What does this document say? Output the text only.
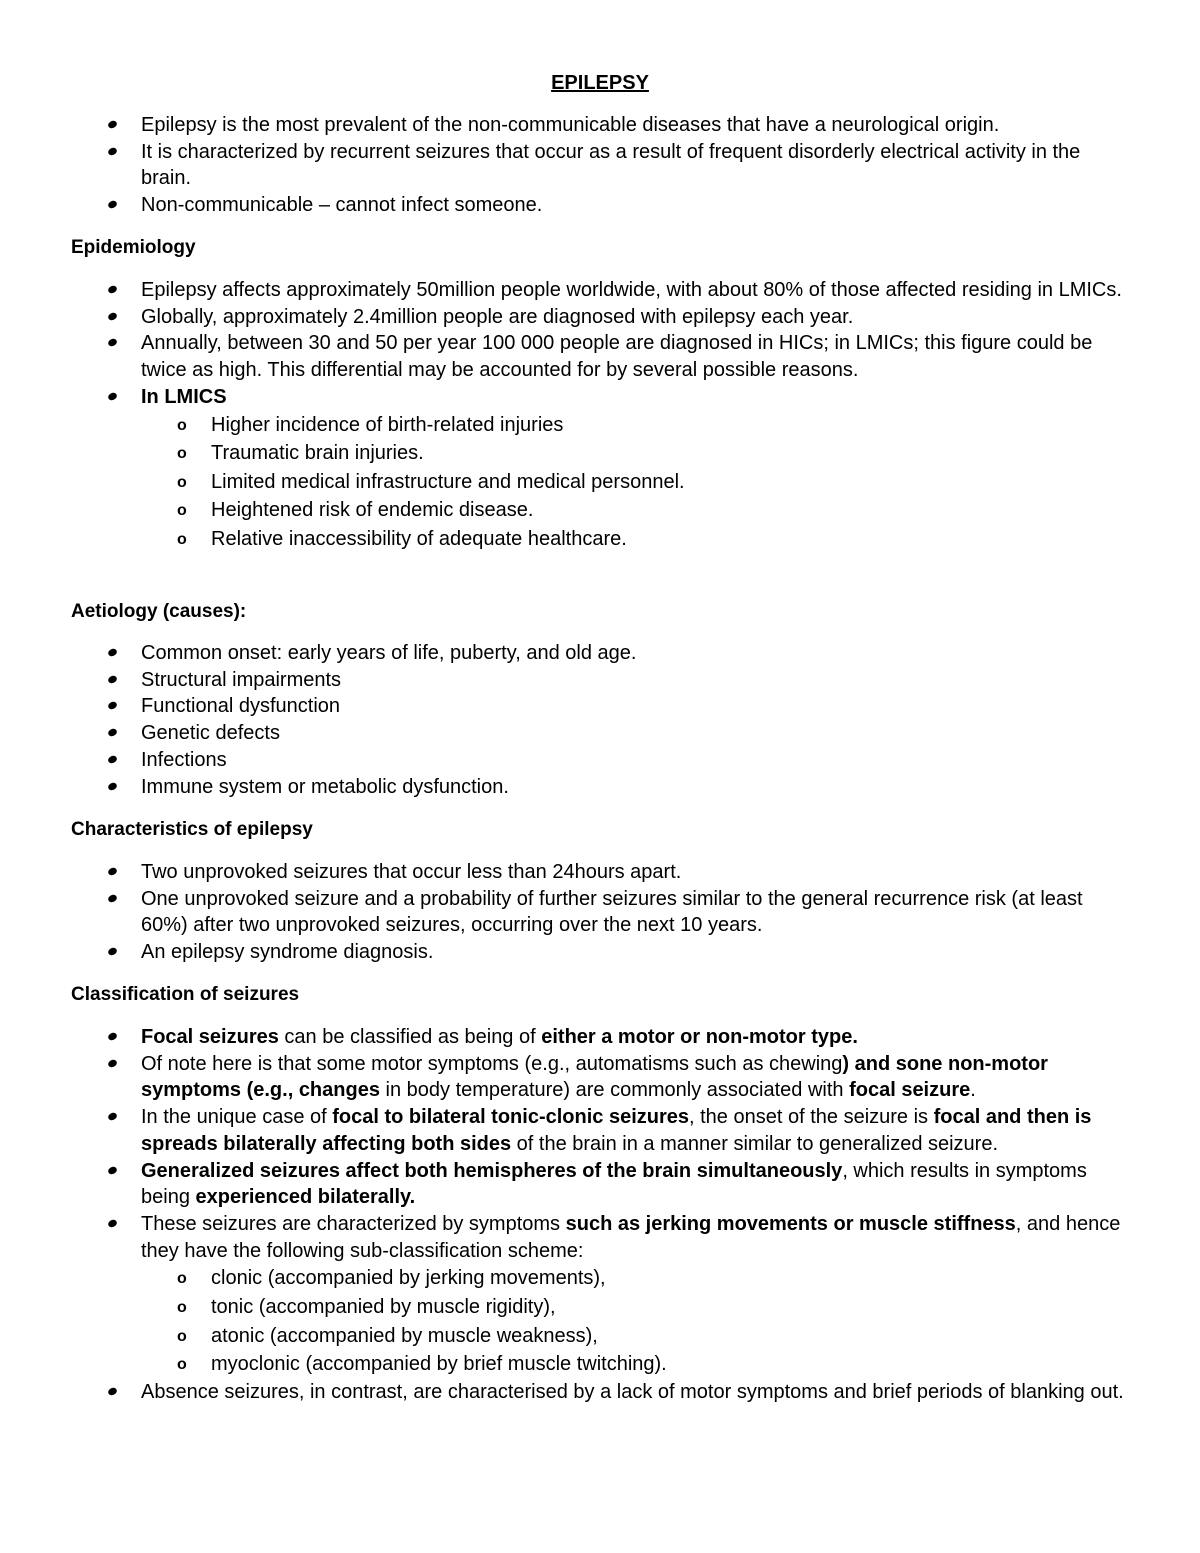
EPILEPSY
Epilepsy is the most prevalent of the non-communicable diseases that have a neurological origin.
It is characterized by recurrent seizures that occur as a result of frequent disorderly electrical activity in the brain.
Non-communicable – cannot infect someone.
Epidemiology
Epilepsy affects approximately 50million people worldwide, with about 80% of those affected residing in LMICs.
Globally, approximately 2.4million people are diagnosed with epilepsy each year.
Annually, between 30 and 50 per year 100 000 people are diagnosed in HICs; in LMICs; this figure could be twice as high. This differential may be accounted for by several possible reasons.
In LMICS
o Higher incidence of birth-related injuries
o Traumatic brain injuries.
o Limited medical infrastructure and medical personnel.
o Heightened risk of endemic disease.
o Relative inaccessibility of adequate healthcare.
Aetiology (causes):
Common onset: early years of life, puberty, and old age.
Structural impairments
Functional dysfunction
Genetic defects
Infections
Immune system or metabolic dysfunction.
Characteristics of epilepsy
Two unprovoked seizures that occur less than 24hours apart.
One unprovoked seizure and a probability of further seizures similar to the general recurrence risk (at least 60%) after two unprovoked seizures, occurring over the next 10 years.
An epilepsy syndrome diagnosis.
Classification of seizures
Focal seizures can be classified as being of either a motor or non-motor type.
Of note here is that some motor symptoms (e.g., automatisms such as chewing) and sone non-motor symptoms (e.g., changes in body temperature) are commonly associated with focal seizure.
In the unique case of focal to bilateral tonic-clonic seizures, the onset of the seizure is focal and then is spreads bilaterally affecting both sides of the brain in a manner similar to generalized seizure.
Generalized seizures affect both hemispheres of the brain simultaneously, which results in symptoms being experienced bilaterally.
These seizures are characterized by symptoms such as jerking movements or muscle stiffness, and hence they have the following sub-classification scheme:
o clonic (accompanied by jerking movements),
o tonic (accompanied by muscle rigidity),
o atonic (accompanied by muscle weakness),
o myoclonic (accompanied by brief muscle twitching).
Absence seizures, in contrast, are characterised by a lack of motor symptoms and brief periods of blanking out.
